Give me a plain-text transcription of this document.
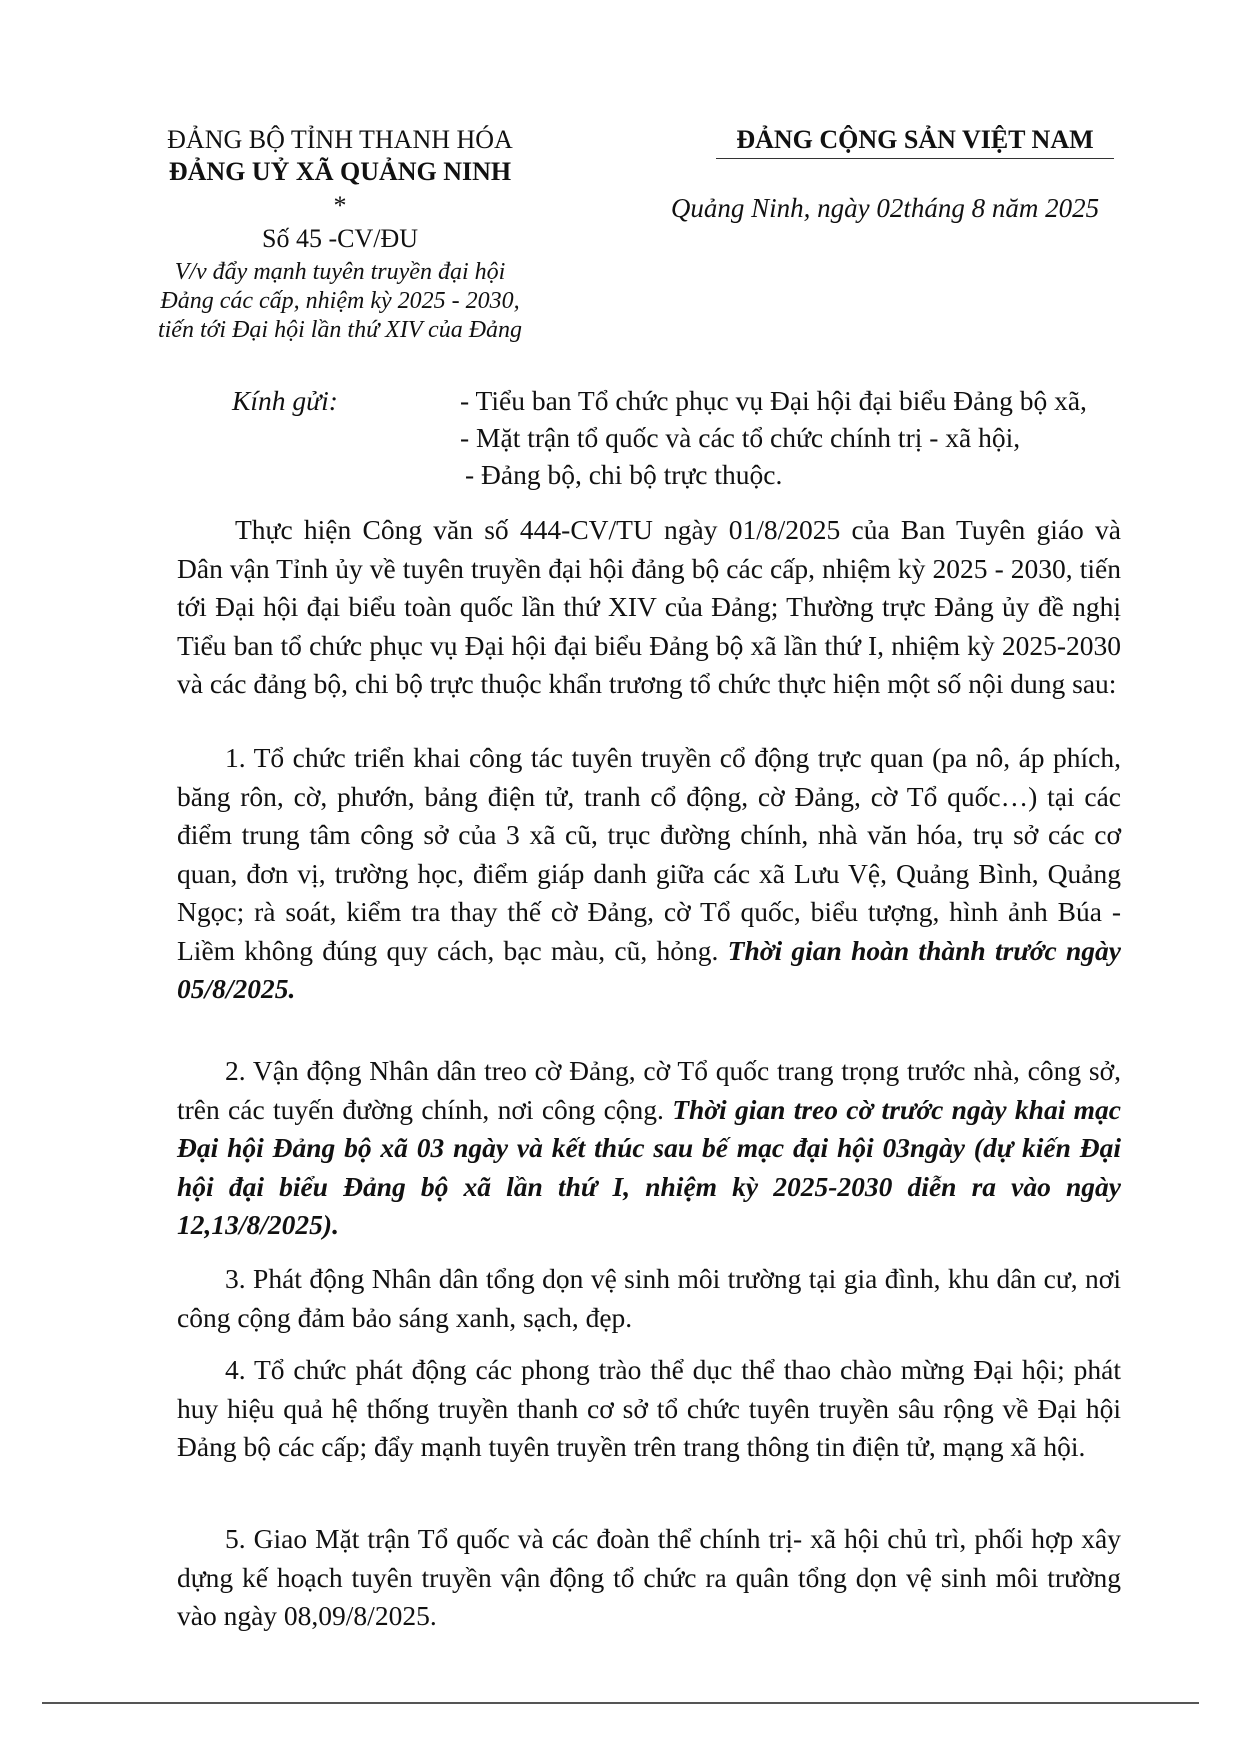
ĐẢNG BỘ TỈNH THANH HÓA
ĐẢNG UỶ XÃ QUẢNG NINH
*
Số 45 -CV/ĐU
V/v đẩy mạnh tuyên truyền đại hội
Đảng các cấp, nhiệm kỳ 2025 - 2030,
tiến tới Đại hội lần thứ XIV của Đảng
ĐẢNG CỘNG SẢN VIỆT NAM
Quảng Ninh, ngày 02tháng 8 năm 2025
Kính gửi:	- Tiểu ban Tổ chức phục vụ Đại hội đại biểu Đảng bộ xã,
- Mặt trận tổ quốc và các tổ chức chính trị - xã hội,
- Đảng bộ, chi bộ trực thuộc.

Thực hiện Công văn số 444-CV/TU ngày 01/8/2025 của Ban Tuyên giáo và Dân vận Tỉnh ủy về tuyên truyền đại hội đảng bộ các cấp, nhiệm kỳ 2025 - 2030, tiến tới Đại hội đại biểu toàn quốc lần thứ XIV của Đảng; Thường trực Đảng ủy đề nghị Tiểu ban tổ chức phục vụ Đại hội đại biểu Đảng bộ xã lần thứ I, nhiệm kỳ 2025-2030 và các đảng bộ, chi bộ trực thuộc khẩn trương tổ chức thực hiện một số nội dung sau:

1. Tổ chức triển khai công tác tuyên truyền cổ động trực quan (pa nô, áp phích, băng rôn, cờ, phướn, bảng điện tử, tranh cổ động, cờ Đảng, cờ Tổ quốc…) tại các điểm trung tâm công sở của 3 xã cũ, trục đường chính, nhà văn hóa, trụ sở các cơ quan, đơn vị, trường học, điểm giáp danh giữa các xã Lưu Vệ, Quảng Bình, Quảng Ngọc; rà soát, kiểm tra thay thế cờ Đảng, cờ Tổ quốc, biểu tượng, hình ảnh Búa - Liềm không đúng quy cách, bạc màu, cũ, hỏng. Thời gian hoàn thành trước ngày 05/8/2025.

2. Vận động Nhân dân treo cờ Đảng, cờ Tổ quốc trang trọng trước nhà, công sở, trên các tuyến đường chính, nơi công cộng. Thời gian treo cờ trước ngày khai mạc Đại hội Đảng bộ xã 03 ngày và kết thúc sau bế mạc đại hội 03ngày (dự kiến Đại hội đại biểu Đảng bộ xã lần thứ I, nhiệm kỳ 2025-2030 diễn ra vào ngày 12,13/8/2025).

3. Phát động Nhân dân tổng dọn vệ sinh môi trường tại gia đình, khu dân cư, nơi công cộng đảm bảo sáng xanh, sạch, đẹp.

4. Tổ chức phát động các phong trào thể dục thể thao chào mừng Đại hội; phát huy hiệu quả hệ thống truyền thanh cơ sở tổ chức tuyên truyền sâu rộng về Đại hội Đảng bộ các cấp; đẩy mạnh tuyên truyền trên trang thông tin điện tử, mạng xã hội.

5. Giao Mặt trận Tổ quốc và các đoàn thể chính trị- xã hội chủ trì, phối hợp xây dựng kế hoạch tuyên truyền vận động tổ chức ra quân tổng dọn vệ sinh môi trường vào ngày 08,09/8/2025.
